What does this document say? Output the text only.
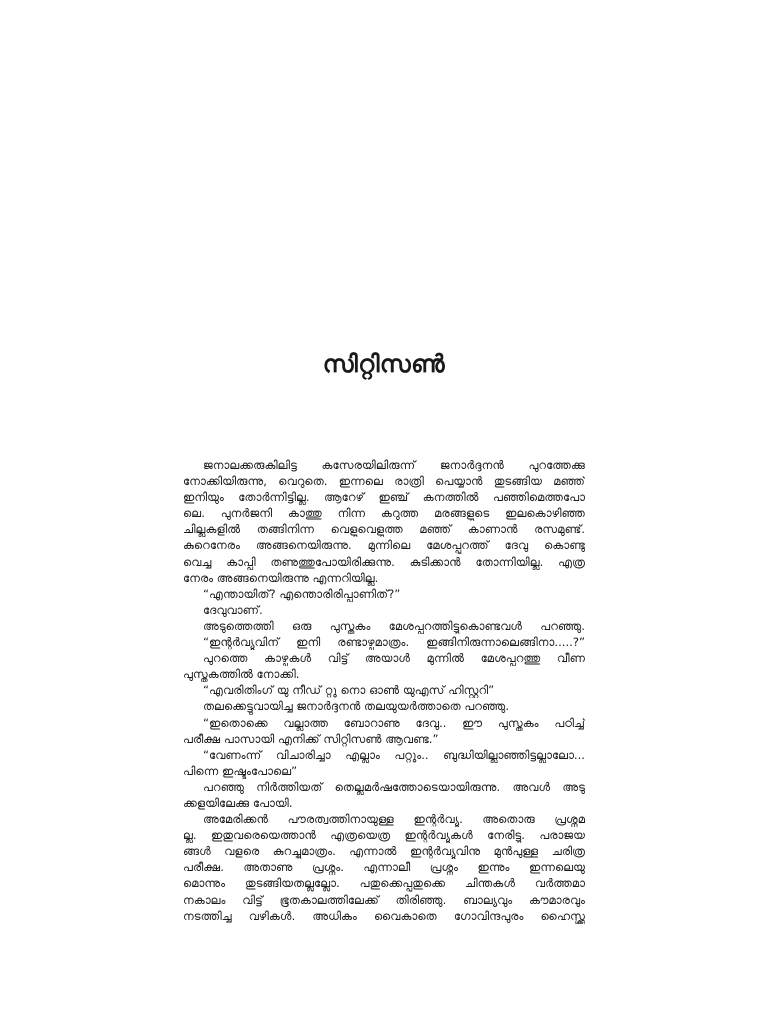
സിറ്റിസൺ
ജനാലക്കരുകിലിട്ട കസേരയിലിരുന്ന് ജനാർദ്ദനൻ പുറത്തേക്കു
നോക്കിയിരുന്നു, വെറുതെ. ഇന്നലെ രാത്രി പെയ്യാൻ തുടങ്ങിയ മഞ്ഞ്
ഇനിയും തോർന്നിട്ടില്ല. ആറേഴ് ഇഞ്ച് കനത്തിൽ പഞ്ഞിമെത്തപോ
ലെ. പുനർജനി കാത്തു നിന്ന കറുത്ത മരങ്ങളുടെ ഇലകൊഴിഞ്ഞ
ചില്ലകളിൽ തങ്ങിനിന്ന വെളുവെളുത്ത മഞ്ഞ് കാണാൻ രസമുണ്ട്.
കുറെനേരം അങ്ങനെയിരുന്നു. മുന്നിലെ മേശപ്പുറത്ത് ദേവു കൊണ്ടു
വെച്ച കാപ്പി തണുത്തുപോയിരിക്കുന്നു. കുടിക്കാൻ തോന്നിയില്ല. എത്ര
നേരം അങ്ങനെയിരുന്നു എന്നറിയില്ല.
“എന്തായിത്? എന്തൊരിരിപ്പാണിത്?”
ദേവുവാണ്.
അടുത്തെത്തി ഒരു പുസ്തകം മേശപ്പുറത്തിട്ടുകൊണ്ടവൾ പറഞ്ഞു.
“ഇന്റർവ്യൂവിന് ഇനി രണ്ടാഴ്ചമാത്രം. ഇങ്ങിനിരുന്നാലെങ്ങിനാ.....?”
പുറത്തെ കാഴ്ചകൾ വിട്ട് അയാൾ മുന്നിൽ മേശപ്പുറത്തു വീണ
പുസ്തകത്തിൽ നോക്കി.
“എവരിതിംഗ് യു നീഡ് റ്റു നൊ ഓൺ യുഎസ് ഹിസ്റ്ററി”
തലക്കെട്ടുവായിച്ച ജനാർദ്ദനൻ തലയുയർത്താതെ പറഞ്ഞു.
“ഇതൊക്കെ വല്ലാത്ത ബോറാണു ദേവു.. ഈ പുസ്തകം പഠിച്ച്
പരീക്ഷ പാസായി എനിക്ക് സിറ്റിസൺ ആവണ്ട.”
“വേണംന്ന് വിചാരിച്ചാ എല്ലാം പറ്റും.. ബുദ്ധിയില്ലാഞ്ഞിട്ടല്ലാലോ...
പിന്നെ ഇഷ്ടംപോലെ”
പറഞ്ഞു നിർത്തിയത് തെല്ലമർഷത്തോടെയായിരുന്നു. അവൾ അടു
ക്കളയിലേക്കു പോയി.
അമേരിക്കൻ പൗരത്വത്തിനായുള്ള ഇന്റർവ്യൂ. അതൊരു പ്രശ്നമ
ല്ല. ഇതുവരെയെത്താൻ എത്രയെത്ര ഇന്റർവ്യൂകൾ നേരിട്ടു. പരാജയ
ങ്ങൾ വളരെ കുറച്ചുമാത്രം. എന്നാൽ ഇന്റർവ്യൂവിനു മുൻപുള്ള ചരിത്ര
പരീക്ഷ. അതാണു പ്രശ്നം. എന്നാലീ പ്രശ്നം ഇന്നും ഇന്നലെയു
മൊന്നും തുടങ്ങിയതല്ലല്ലോ. പതുക്കെപ്പതുക്കെ ചിന്തകൾ വർത്തമാ
നകാലം വിട്ട് ഭൂതകാലത്തിലേക്ക് തിരിഞ്ഞു. ബാല്യവും കൗമാരവും
നടത്തിച്ച വഴികൾ. അധികം വൈകാതെ ഗോവിന്ദപുരം ഹൈസ്ക്കൂ
